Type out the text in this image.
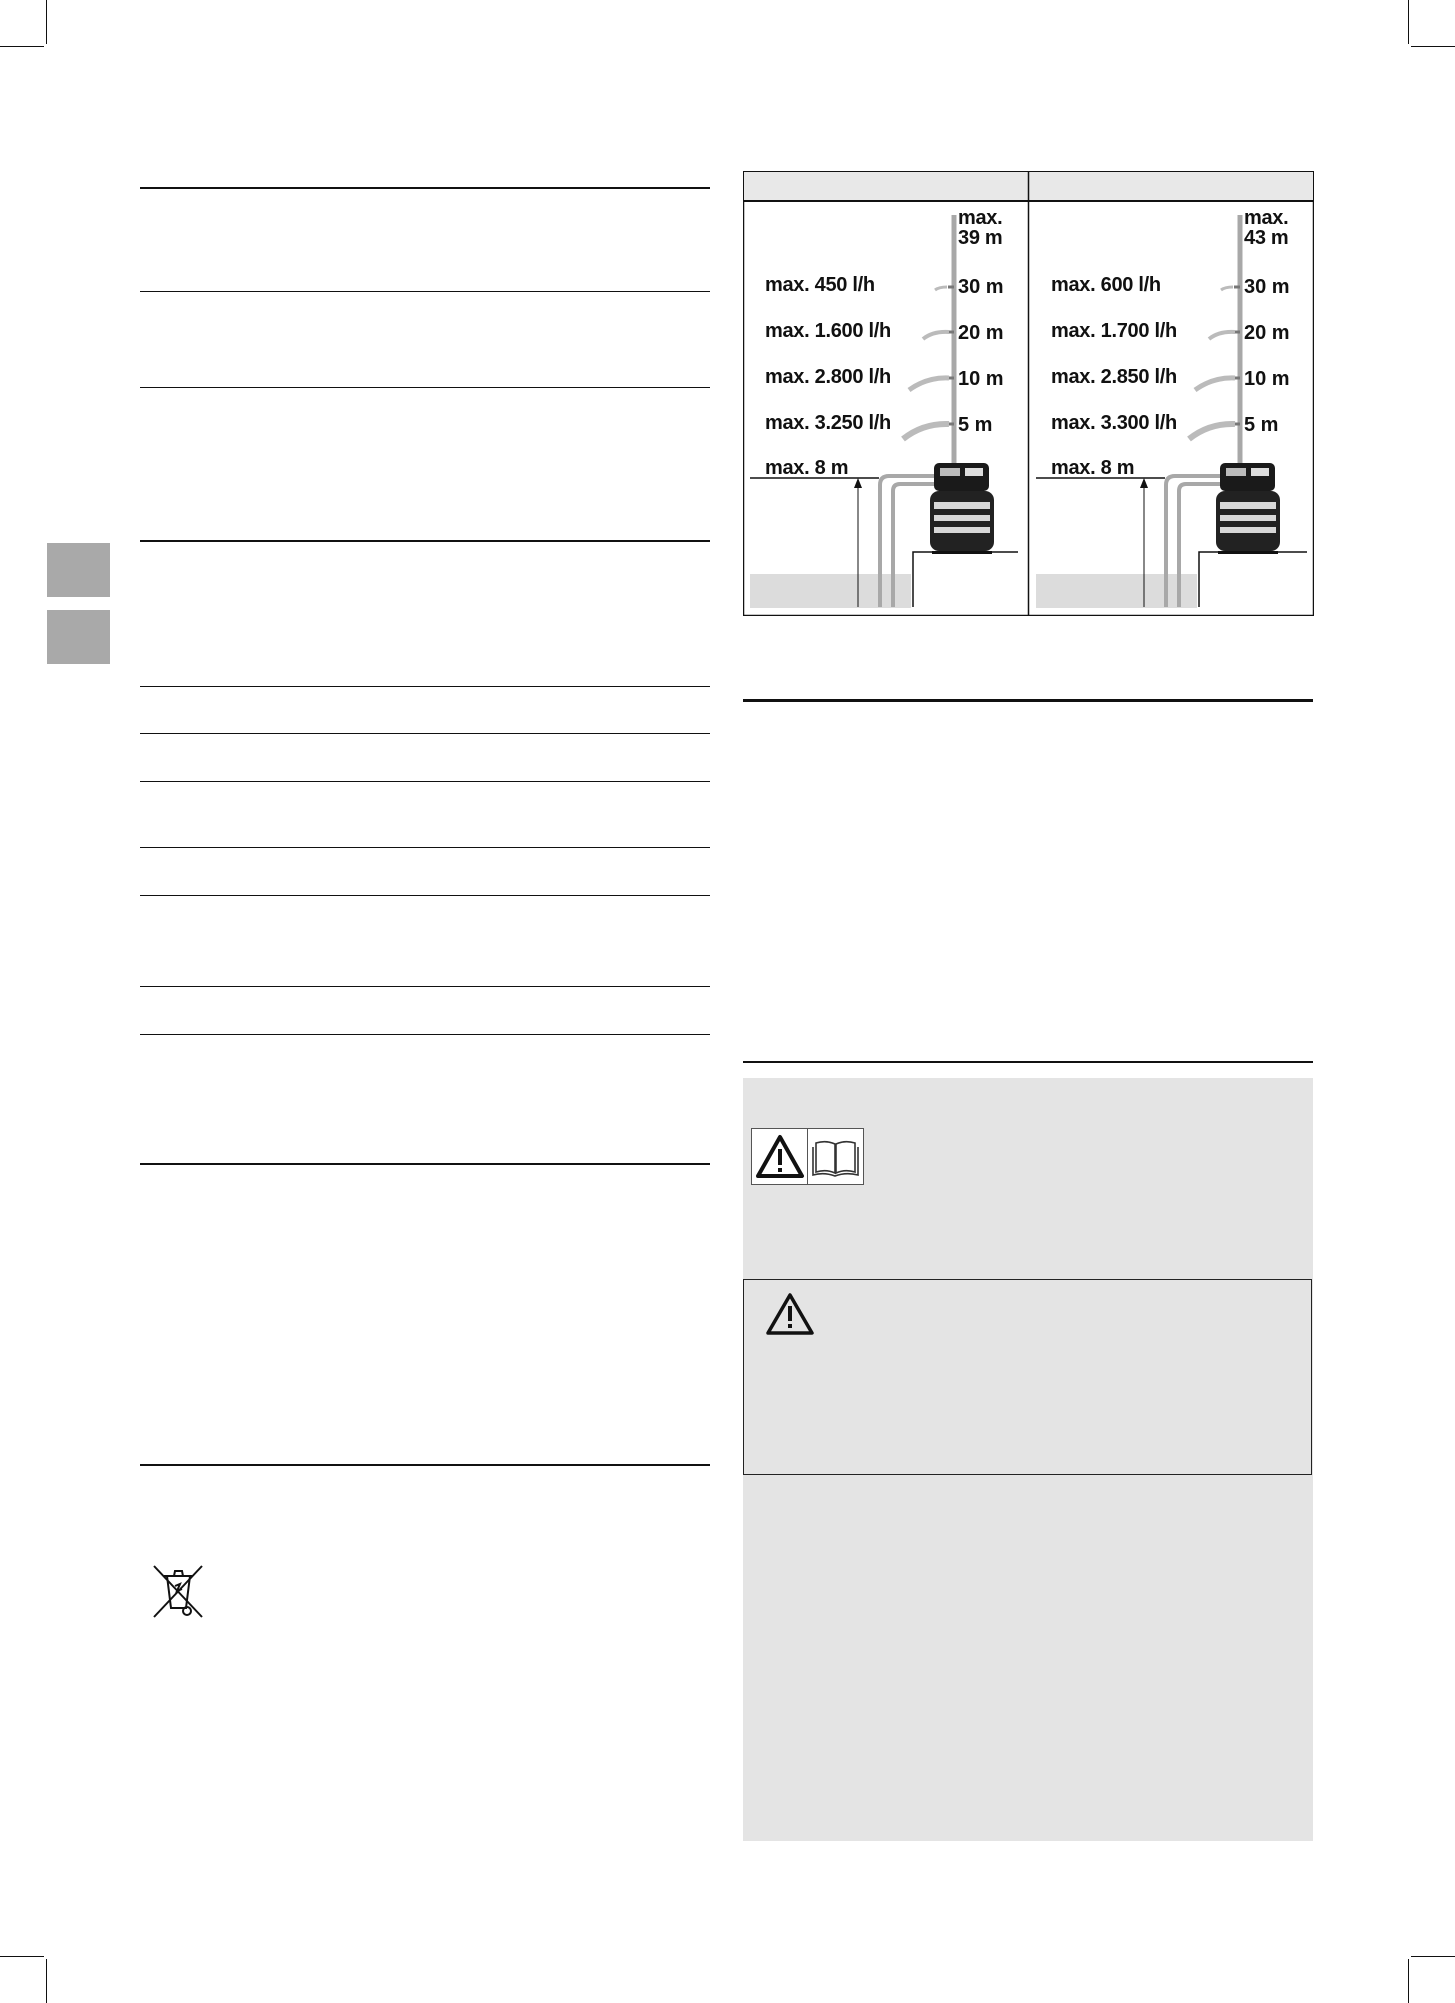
max.
39 m
max. 450 l/h	30 m
max. 1.600 l/h	20 m
max. 2.800 l/h	10 m
max. 3.250 l/h	5 m
max. 8 m
max.
43 m
max. 600 l/h	30 m
max. 1.700 l/h	20 m
max. 2.850 l/h	10 m
max. 3.300 l/h	5 m
max. 8 m
